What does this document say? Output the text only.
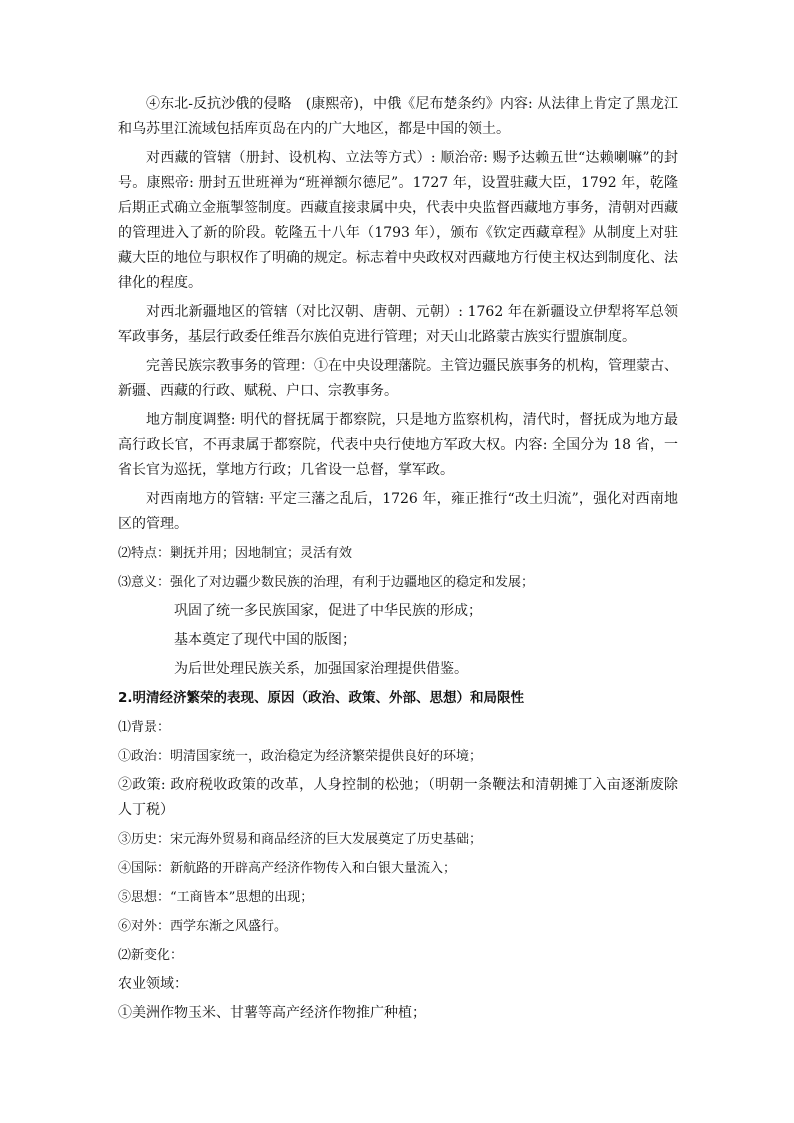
④东北-反抗沙俄的侵略　(康熙帝)，中俄《尼布楚条约》内容: 从法律上肯定了黑龙江和乌苏里江流域包括库页岛在内的广大地区，都是中国的领土。

对西藏的管辖（册封、设机构、立法等方式）: 顺治帝: 赐予达赖五世“达赖喇嘛”的封号。康熙帝: 册封五世班禅为“班禅额尔德尼”。1727 年，设置驻藏大臣，1792 年，乾隆后期正式确立金瓶掣签制度。西藏直接隶属中央，代表中央监督西藏地方事务，清朝对西藏的管理进入了新的阶段。乾隆五十八年（1793 年），颁布《钦定西藏章程》从制度上对驻藏大臣的地位与职权作了明确的规定。标志着中央政权对西藏地方行使主权达到制度化、法律化的程度。

对西北新疆地区的管辖（对比汉朝、唐朝、元朝）: 1762 年在新疆设立伊犁将军总领军政事务，基层行政委任维吾尔族伯克进行管理；对天山北路蒙古族实行盟旗制度。

完善民族宗教事务的管理：①在中央设理藩院。主管边疆民族事务的机构，管理蒙古、新疆、西藏的行政、赋税、户口、宗教事务。

地方制度调整: 明代的督抚属于都察院，只是地方监察机构，清代时，督抚成为地方最高行政长官，不再隶属于都察院，代表中央行使地方军政大权。内容: 全国分为 18 省，一省长官为巡抚，掌地方行政；几省设一总督，掌军政。

对西南地方的管辖: 平定三藩之乱后，1726 年，雍正推行“改土归流”，强化对西南地区的管理。

⑵特点：剿抚并用；因地制宜；灵活有效

⑶意义：强化了对边疆少数民族的治理，有利于边疆地区的稳定和发展；

巩固了统一多民族国家，促进了中华民族的形成；

基本奠定了现代中国的版图；

为后世处理民族关系，加强国家治理提供借鉴。

2.明清经济繁荣的表现、原因（政治、政策、外部、思想）和局限性

⑴背景：

①政治：明清国家统一，政治稳定为经济繁荣提供良好的环境；

②政策: 政府税收政策的改革，人身控制的松弛；（明朝一条鞭法和清朝摊丁入亩逐渐废除人丁税）

③历史：宋元海外贸易和商品经济的巨大发展奠定了历史基础；

④国际：新航路的开辟高产经济作物传入和白银大量流入；

⑤思想：“工商皆本”思想的出现；

⑥对外：西学东渐之风盛行。

⑵新变化：

农业领域：

①美洲作物玉米、甘薯等高产经济作物推广种植；
